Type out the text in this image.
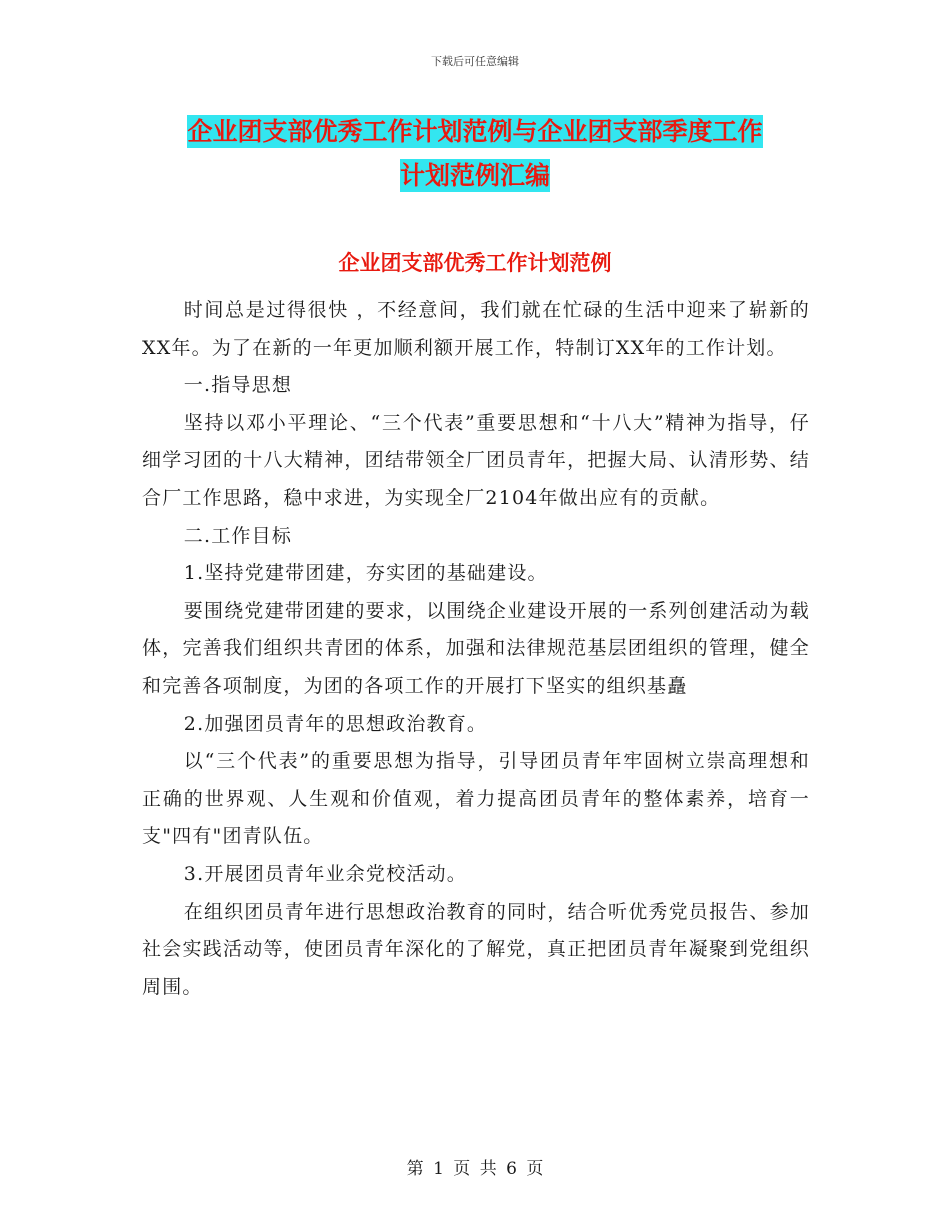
下载后可任意编辑
企业团支部优秀工作计划范例与企业团支部季度工作
计划范例汇编
企业团支部优秀工作计划范例

时间总是过得很快 ，不经意间，我们就在忙碌的生活中迎来了崭新的XX年。为了在新的一年更加顺利额开展工作，特制订XX年的工作计划。

一.指导思想

坚持以邓小平理论、“三个代表”重要思想和“十八大”精神为指导，仔细学习团的十八大精神，团结带领全厂团员青年，把握大局、认清形势、结合厂工作思路，稳中求进，为实现全厂2104年做出应有的贡献。

二.工作目标

1.坚持党建带团建，夯实团的基础建设。

要围绕党建带团建的要求，以围绕企业建设开展的一系列创建活动为载体，完善我们组织共青团的体系，加强和法律规范基层团组织的管理，健全和完善各项制度，为团的各项工作的开展打下坚实的组织基矗

2.加强团员青年的思想政治教育。

以“三个代表”的重要思想为指导，引导团员青年牢固树立崇高理想和正确的世界观、人生观和价值观，着力提高团员青年的整体素养，培育一支"四有"团青队伍。

3.开展团员青年业余党校活动。

在组织团员青年进行思想政治教育的同时，结合听优秀党员报告、参加社会实践活动等，使团员青年深化的了解党，真正把团员青年凝聚到党组织周围。

第 1 页 共 6 页
